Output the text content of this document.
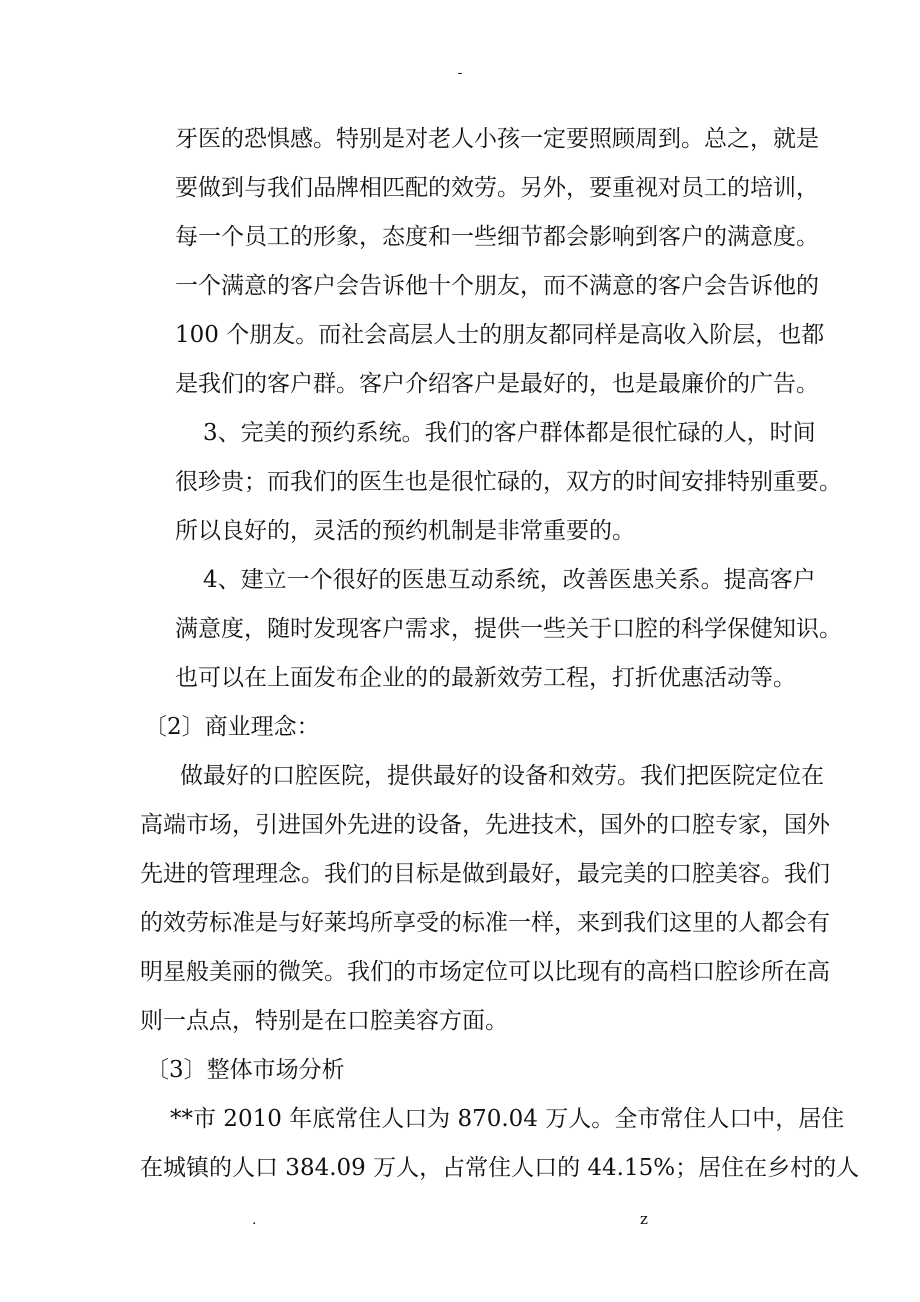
-
牙医的恐惧感。特别是对老人小孩一定要照顾周到。总之，就是
要做到与我们品牌相匹配的效劳。另外，要重视对员工的培训，
每一个员工的形象，态度和一些细节都会影响到客户的满意度。
一个满意的客户会告诉他十个朋友，而不满意的客户会告诉他的
100 个朋友。而社会高层人士的朋友都同样是高收入阶层，也都
是我们的客户群。客户介绍客户是最好的，也是最廉价的广告。
3、完美的预约系统。我们的客户群体都是很忙碌的人，时间
很珍贵；而我们的医生也是很忙碌的，双方的时间安排特别重要。
所以良好的，灵活的预约机制是非常重要的。
4、建立一个很好的医患互动系统，改善医患关系。提高客户
满意度，随时发现客户需求，提供一些关于口腔的科学保健知识。
也可以在上面发布企业的的最新效劳工程，打折优惠活动等。
〔2〕商业理念：
做最好的口腔医院，提供最好的设备和效劳。我们把医院定位在
高端市场，引进国外先进的设备，先进技术，国外的口腔专家，国外
先进的管理理念。我们的目标是做到最好，最完美的口腔美容。我们
的效劳标准是与好莱坞所享受的标准一样，来到我们这里的人都会有
明星般美丽的微笑。我们的市场定位可以比现有的高档口腔诊所在高
则一点点，特别是在口腔美容方面。
〔3〕整体市场分析
**市 2010 年底常住人口为 870.04 万人。全市常住人口中，居住
在城镇的人口 384.09 万人，占常住人口的 44.15%；居住在乡村的人
.	z
